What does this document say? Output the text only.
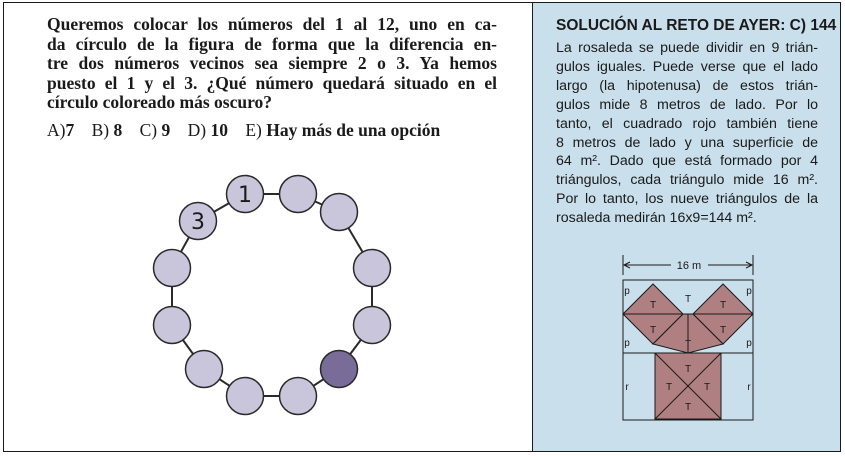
Queremos colocar los números del 1 al 12, uno en ca-
da círculo de la figura de forma que la diferencia en-
tre dos números vecinos sea siempre 2 o 3. Ya hemos
puesto el 1 y el 3. ¿Qué número quedará situado en el
círculo coloreado más oscuro?
A)7 B) 8 C) 9 D) 10 E) Hay más de una opción
1
3
SOLUCIÓN AL RETO DE AYER: C) 144
La rosaleda se puede dividir en 9 trián-
gulos iguales. Puede verse que el lado
largo (la hipotenusa) de estos trián-
gulos mide 8 metros de lado. Por lo
tanto, el cuadrado rojo también tiene
8 metros de lado y una superficie de
64 m². Dado que está formado por 4
triángulos, cada triángulo mide 16 m².
Por lo tanto, los nueve triángulos de la
rosaleda medirán 16x9=144 m².
16 m
p	p
p	p
T
T
T
T	T
T
T
T	T
T
r	r
